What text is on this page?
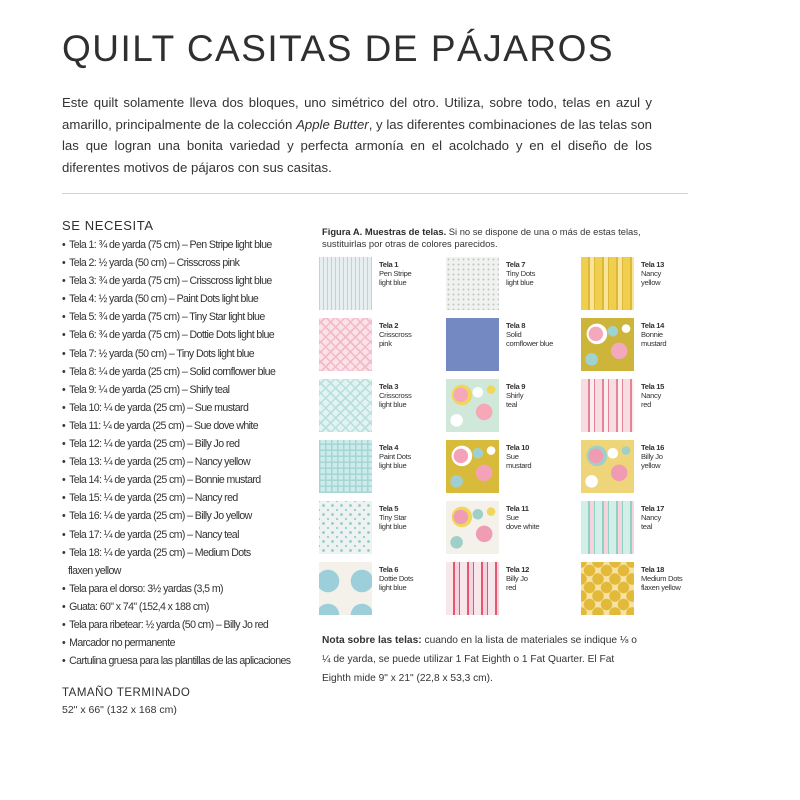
QUILT CASITAS DE PÁJAROS

Este quilt solamente lleva dos bloques, uno simétrico del otro. Utiliza, sobre todo, telas en azul y amarillo, principalmente de la colección Apple Butter, y las diferentes combinaciones de las telas son las que logran una bonita variedad y perfecta armonía en el acolchado y en el diseño de los diferentes motivos de pájaros con sus casitas.

SE NECESITA
• Tela 1: ¾ de yarda (75 cm) – Pen Stripe light blue
• Tela 2: ½ yarda (50 cm) – Crisscross pink
• Tela 3: ¾ de yarda (75 cm) – Crisscross light blue
• Tela 4: ½ yarda (50 cm) – Paint Dots light blue
• Tela 5: ¾ de yarda (75 cm) – Tiny Star light blue
• Tela 6: ¾ de yarda (75 cm) – Dottie Dots light blue
• Tela 7: ½ yarda (50 cm) – Tiny Dots light blue
• Tela 8: ¼ de yarda (25 cm) – Solid cornflower blue
• Tela 9: ¼ de yarda (25 cm) – Shirly teal
• Tela 10: ¼ de yarda (25 cm) – Sue mustard
• Tela 11: ¼ de yarda (25 cm) – Sue dove white
• Tela 12: ¼ de yarda (25 cm) – Billy Jo red
• Tela 13: ¼ de yarda (25 cm) – Nancy yellow
• Tela 14: ¼ de yarda (25 cm) – Bonnie mustard
• Tela 15: ¼ de yarda (25 cm) – Nancy red
• Tela 16: ¼ de yarda (25 cm) – Billy Jo yellow
• Tela 17: ¼ de yarda (25 cm) – Nancy teal
• Tela 18: ¼ de yarda (25 cm) – Medium Dots
flaxen yellow
• Tela para el dorso: 3½ yardas (3,5 m)
• Guata: 60" x 74" (152,4 x 188 cm)
• Tela para ribetear: ½ yarda (50 cm) – Billy Jo red
• Marcador no permanente
• Cartulina gruesa para las plantillas de las aplicaciones
TAMAÑO TERMINADO
52" x 66" (132 x 168 cm)
Figura A. Muestras de telas. Si no se dispone de una o más de estas telas, sustituirlas por otras de colores parecidos.
Tela 1
Pen Stripe
light blue
Tela 2
Crisscross
pink
Tela 3
Crisscross
light blue
Tela 4
Paint Dots
light blue
Tela 5
Tiny Star
light blue
Tela 6
Dottie Dots
light blue
Tela 7
Tiny Dots
light blue
Tela 8
Solid
cornflower blue
Tela 9
Shirly
teal
Tela 10
Sue
mustard
Tela 11
Sue
dove white
Tela 12
Billy Jo
red
Tela 13
Nancy
yellow
Tela 14
Bonnie
mustard
Tela 15
Nancy
red
Tela 16
Billy Jo
yellow
Tela 17
Nancy
teal
Tela 18
Medium Dots
flaxen yellow
Nota sobre las telas: cuando en la lista de materiales se indique ⅛ o ¼ de yarda, se puede utilizar 1 Fat Eighth o 1 Fat Quarter. El Fat Eighth mide 9" x 21" (22,8 x 53,3 cm).
